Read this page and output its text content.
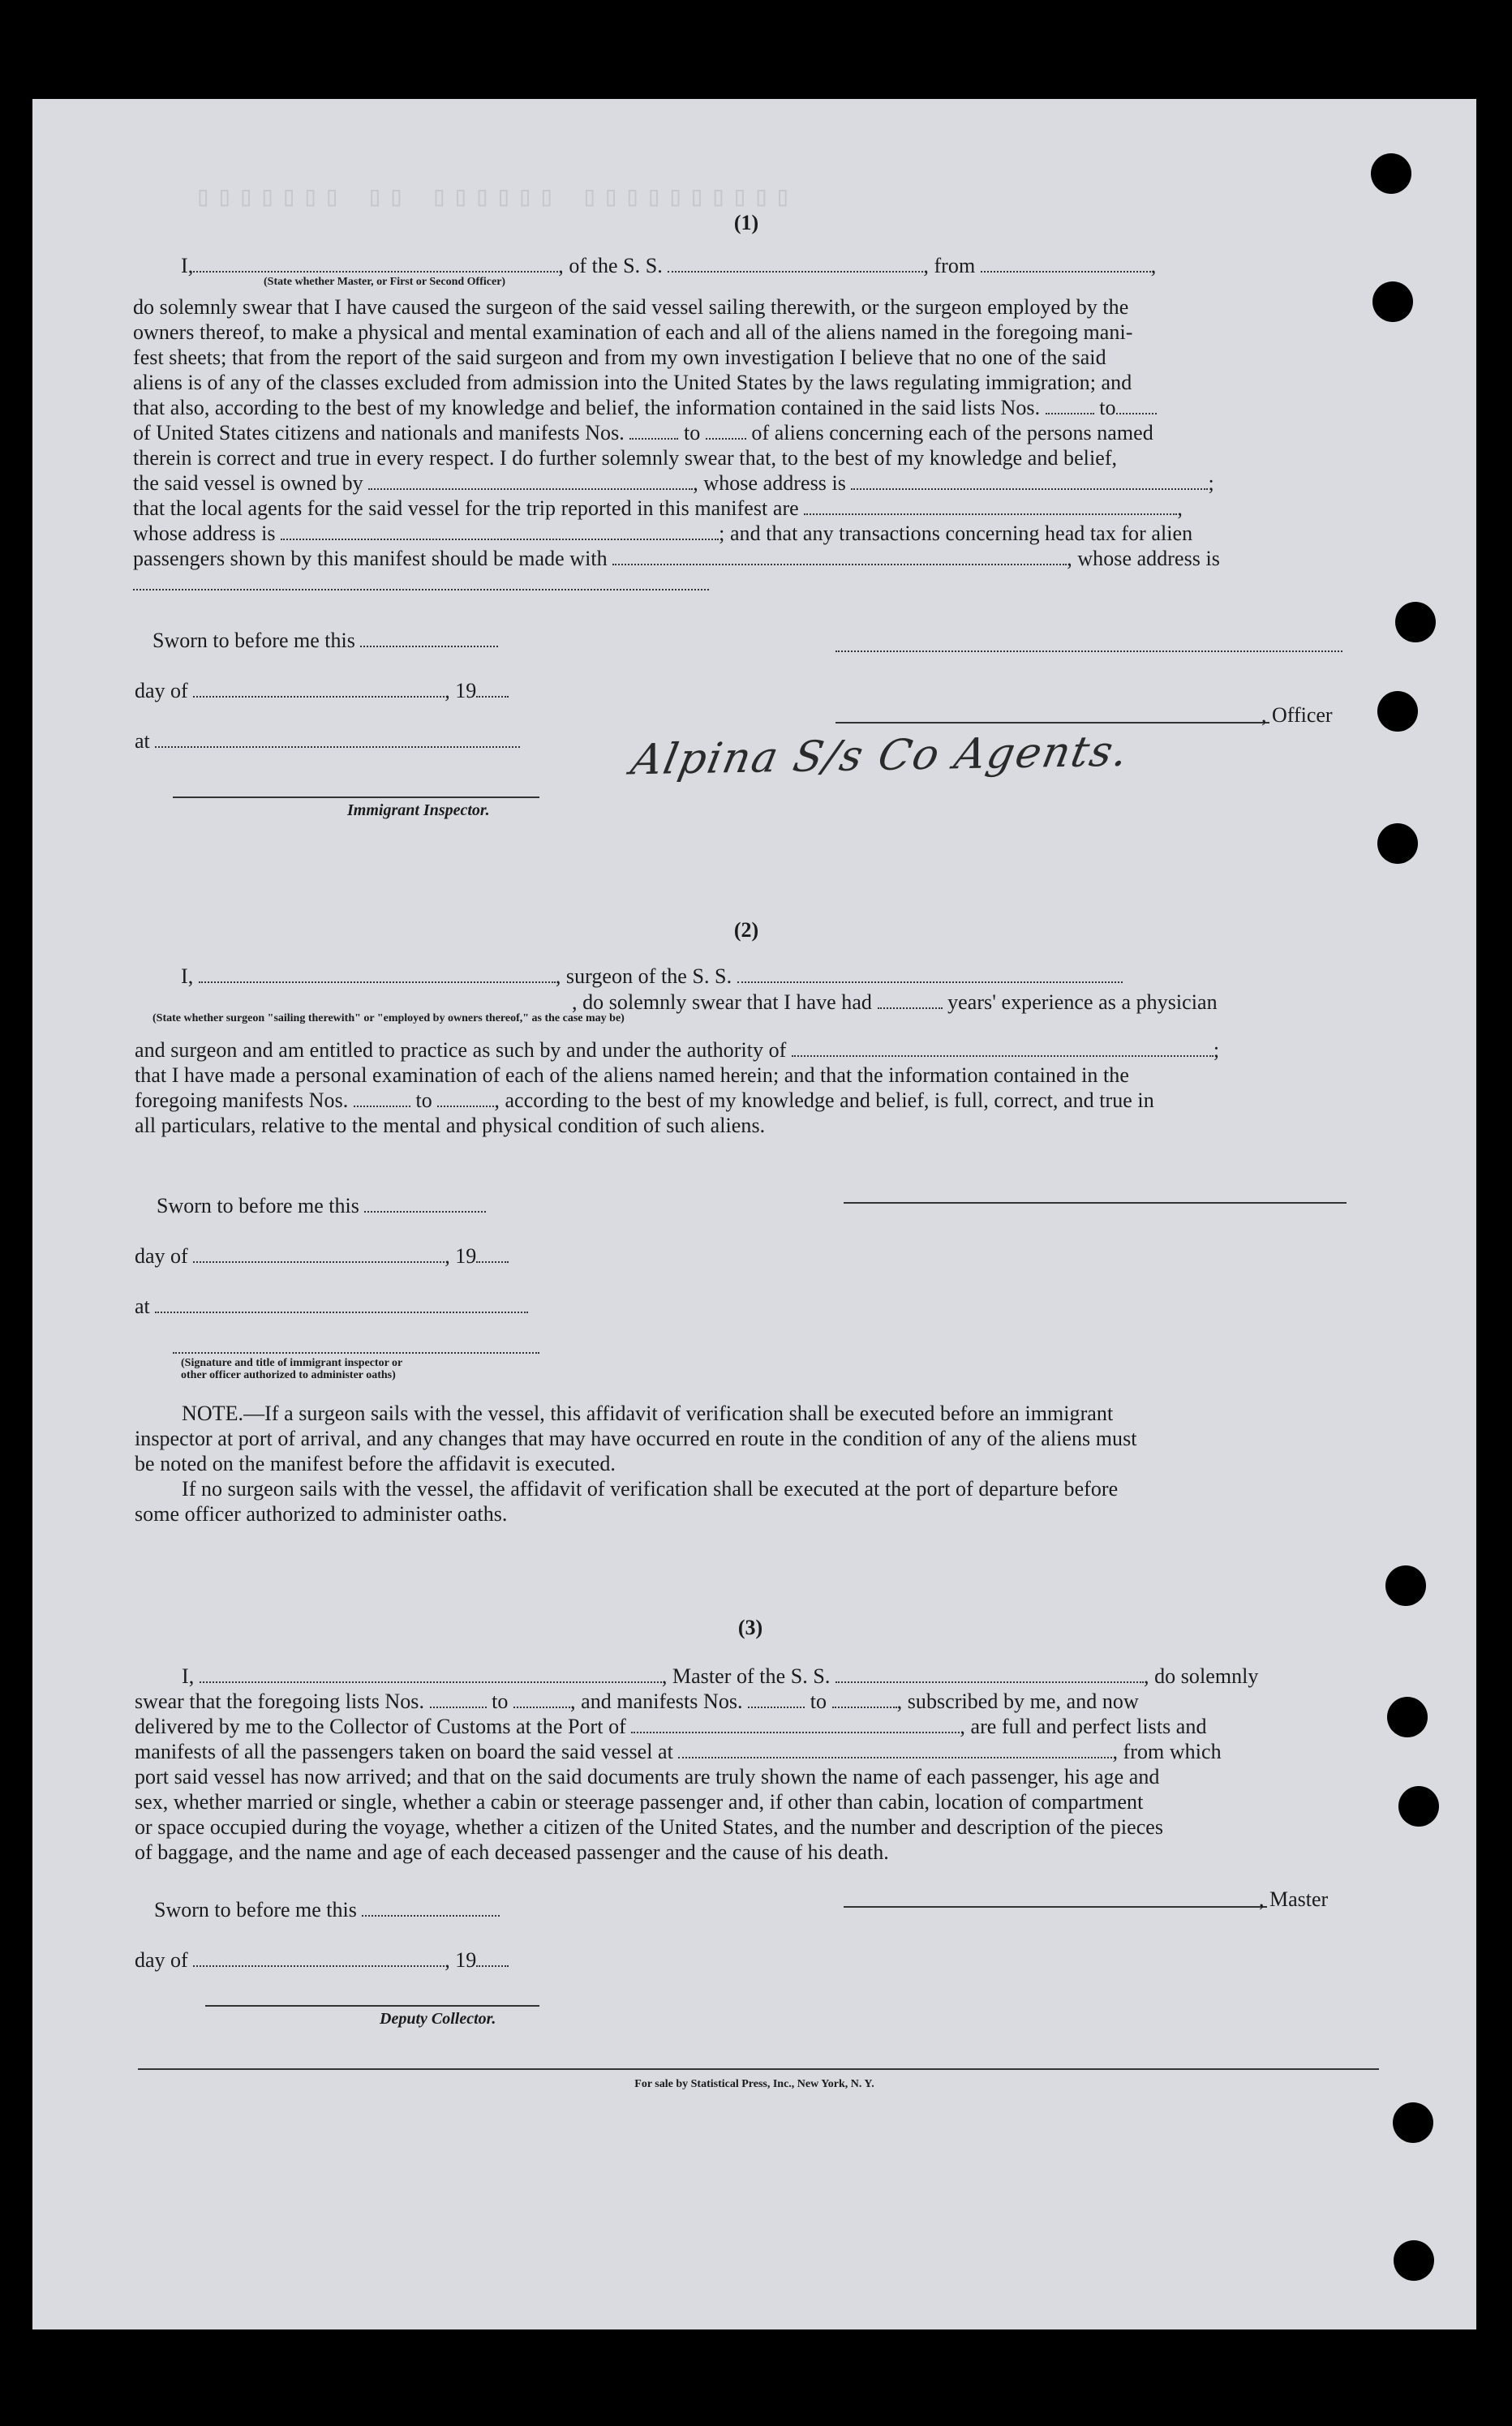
▯▯▯▯▯▯▯ ▯▯ ▯▯▯▯▯▯ ▯▯▯▯▯▯▯▯▯▯
(1)
I,	, of the S. S.	, from	,
(State whether Master, or First or Second Officer)
do solemnly swear that I have caused the surgeon of the said vessel sailing therewith, or the surgeon employed by the
owners thereof, to make a physical and mental examination of each and all of the aliens named in the foregoing mani-
fest sheets; that from the report of the said surgeon and from my own investigation I believe that no one of the said
aliens is of any of the classes excluded from admission into the United States by the laws regulating immigration; and
that also, according to the best of my knowledge and belief, the information contained in the said lists Nos.	to
of United States citizens and nationals and manifests Nos.	to of aliens concerning each of the persons named
therein is correct and true in every respect. I do further solemnly swear that, to the best of my knowledge and belief,
the said vessel is owned by	, whose address is	;
that the local agents for the said vessel for the trip reported in this manifest are	,
whose address is	; and that any transactions concerning head tax for alien
passengers shown by this manifest should be made with	, whose address is
Sworn to before me this
day of	, 19
at
Immigrant Inspector.
, Officer
Alpina S/s Co Agents.
(2)
I,	, surgeon of the S. S.
, do solemnly swear that I have had	years' experience as a physician
(State whether surgeon "sailing therewith" or "employed by owners thereof," as the case may be)
and surgeon and am entitled to practice as such by and under the authority of	;
that I have made a personal examination of each of the aliens named herein; and that the information contained in the
foregoing manifests Nos.	to	, according to the best of my knowledge and belief, is full, correct, and true in
all particulars, relative to the mental and physical condition of such aliens.
Sworn to before me this
day of	, 19
at
(Signature and title of immigrant inspector or other officer authorized to administer oaths)
NOTE.—If a surgeon sails with the vessel, this affidavit of verification shall be executed before an immigrant
inspector at port of arrival, and any changes that may have occurred en route in the condition of any of the aliens must
be noted on the manifest before the affidavit is executed.
If no surgeon sails with the vessel, the affidavit of verification shall be executed at the port of departure before
some officer authorized to administer oaths.
(3)
I,	, Master of the S. S.	, do solemnly
swear that the foregoing lists Nos.	to	, and manifests Nos.	to	, subscribed by me, and now
delivered by me to the Collector of Customs at the Port of	, are full and perfect lists and
manifests of all the passengers taken on board the said vessel at	, from which
port said vessel has now arrived; and that on the said documents are truly shown the name of each passenger, his age and
sex, whether married or single, whether a cabin or steerage passenger and, if other than cabin, location of compartment
or space occupied during the voyage, whether a citizen of the United States, and the number and description of the pieces
of baggage, and the name and age of each deceased passenger and the cause of his death.
Sworn to before me this	, Master
day of	, 19
Deputy Collector.
For sale by Statistical Press, Inc., New York, N. Y.
